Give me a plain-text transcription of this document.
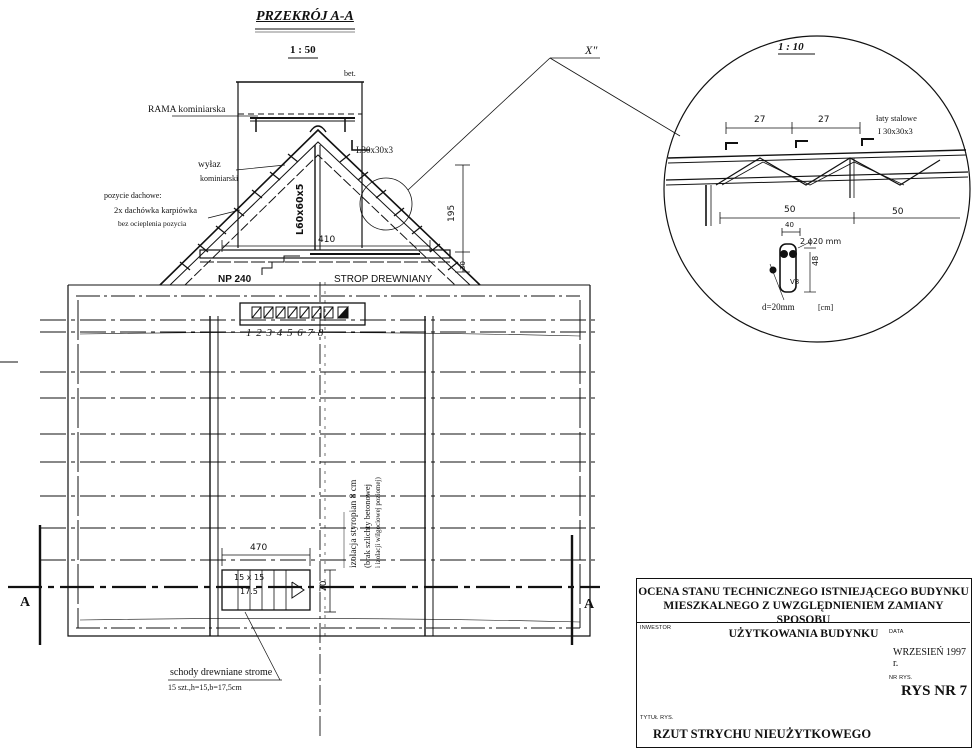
PRZEKRÓJ A-A
1 : 50	1 : 10
X"
bet.
RAMA kominiarska
L30x30x3
wyłaz
kominiarski
pozycie dachowe:
2x dachówka karpiówka
bez ocieplenia pozycia	L60x60x5	195
410
30
NP 240	STROP DREWNIANY
1 2 3 4 5 6 7 8
izolacja styropian 8 cm (brak szlichty betonowej i izolacji wilgociowej poziomej)
470
15 x 15
17.5	70
A	A
schody drewniane strome
15 szt.,h=15,b=17,5cm
27	27	łaty stalowe
I 30x30x3
50	50
40
2 ϕ20 mm
48
V8
d=20mm	[cm]
OCENA STANU TECHNICZNEGO ISTNIEJĄCEGO BUDYNKU
MIESZKALNEGO Z UWZGLĘDNIENIEM ZAMIANY SPOSOBU
UŻYTKOWANIA BUDYNKU
INWESTOR
DATA
WRZESIEŃ 1997 r.
NR RYS.
RYS NR 7
TYTUŁ RYS.
RZUT STRYCHU NIEUŻYTKOWEGO
